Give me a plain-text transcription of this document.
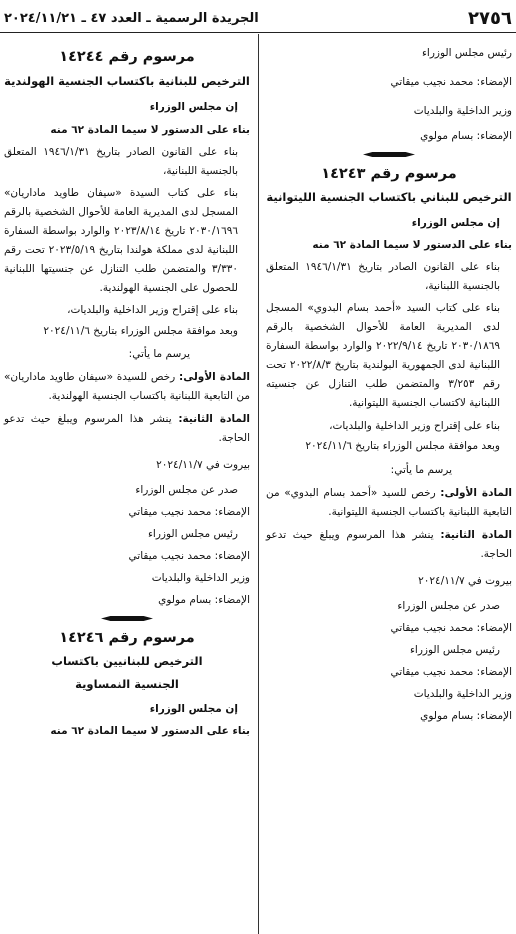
الجريدة الرسمية ـ العدد ٤٧ ـ ٢٠٢٤/١١/٢١	٢٧٥٦

رئيس مجلس الوزراء

الإمضاء: محمد نجيب ميقاتي

وزير الداخلية والبلديات

الإمضاء: بسام مولوي

مرسوم رقم ١٤٢٤٣

الترخيص للبناني باكتساب الجنسية الليتوانية

إن مجلس الوزراء

بناء على الدستور لا سيما المادة ٦٢ منه

بناء على القانون الصادر بتاريخ ١٩٤٦/١/٣١ المتعلق بالجنسية اللبنانية،

بناء على كتاب السيد «أحمد بسام البدوي» المسجل لدى المديرية العامة للأحوال الشخصية بالرقم ٢٠٣٠/١٨٦٩ تاريخ ٢٠٢٢/٩/١٤ والوارد بواسطة السفارة اللبنانية لدى الجمهورية البولندية بتاريخ ٢٠٢٢/٨/٣ تحت رقم ٣/٢٥٣ والمتضمن طلب التنازل عن جنسيته اللبنانية لاكتساب الجنسية الليتوانية.

بناء على إقتراح وزير الداخلية والبلديات،

وبعد موافقة مجلس الوزراء بتاريخ ٢٠٢٤/١١/٦

يرسم ما يأتي:

المادة الأولى: رخص للسيد «أحمد بسام البدوي» من التابعية اللبنانية باكتساب الجنسية الليتوانية.

المادة الثانية: ينشر هذا المرسوم ويبلغ حيث تدعو الحاجة.

بيروت في ٢٠٢٤/١١/٧

صدر عن مجلس الوزراء

الإمضاء: محمد نجيب ميقاتي

رئيس مجلس الوزراء

الإمضاء: محمد نجيب ميقاتي

وزير الداخلية والبلديات

الإمضاء: بسام مولوي

مرسوم رقم ١٤٢٤٤

الترخيص للبنانية باكتساب الجنسية الهولندية

إن مجلس الوزراء

بناء على الدستور لا سيما المادة ٦٢ منه

بناء على القانون الصادر بتاريخ ١٩٤٦/١/٣١ المتعلق بالجنسية اللبنانية،

بناء على كتاب السيدة «سيفان طاويد ماداريان» المسجل لدى المديرية العامة للأحوال الشخصية بالرقم ٢٠٣٠/١٦٩٦ تاريخ ٢٠٢٣/٨/١٤ والوارد بواسطة السفارة اللبنانية لدى مملكة هولندا بتاريخ ٢٠٢٣/٥/١٩ تحت رقم ٣/٣٣٠ والمتضمن طلب التنازل عن جنسيتها اللبنانية للحصول على الجنسية الهولندية.

بناء على إقتراح وزير الداخلية والبلديات،

وبعد موافقة مجلس الوزراء بتاريخ ٢٠٢٤/١١/٦

يرسم ما يأتي:

المادة الأولى: رخص للسيدة «سيفان طاويد ماداريان» من التابعية اللبنانية باكتساب الجنسية الهولندية.

المادة الثانية: ينشر هذا المرسوم ويبلغ حيث تدعو الحاجة.

بيروت في ٢٠٢٤/١١/٧

صدر عن مجلس الوزراء

الإمضاء: محمد نجيب ميقاتي

رئيس مجلس الوزراء

الإمضاء: محمد نجيب ميقاتي

وزير الداخلية والبلديات

الإمضاء: بسام مولوي

مرسوم رقم ١٤٢٤٦

الترخيص للبنانيين باكتساب

الجنسية النمساوية

إن مجلس الوزراء

بناء على الدستور لا سيما المادة ٦٢ منه
